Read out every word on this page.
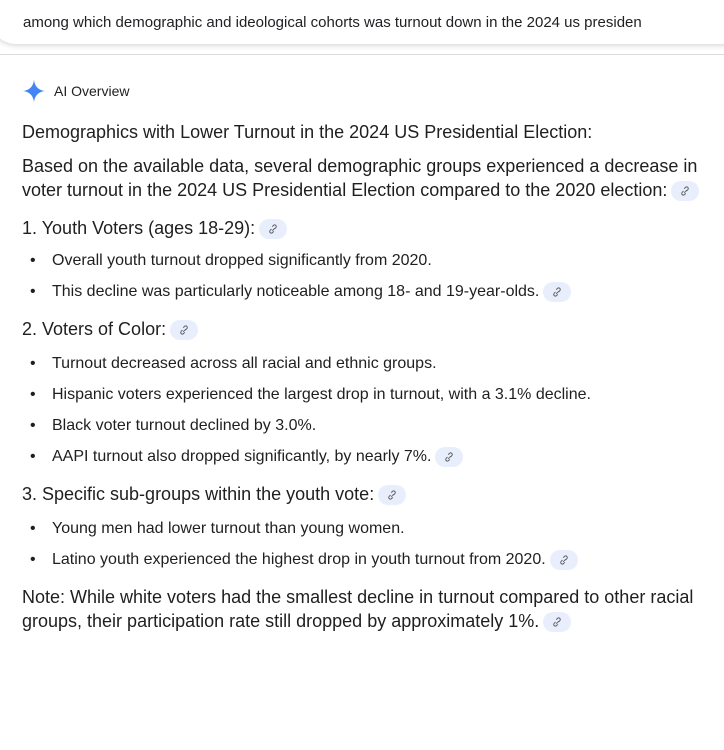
among which demographic and ideological cohorts was turnout down in the 2024 us presiden
AI Overview

Demographics with Lower Turnout in the 2024 US Presidential Election:

Based on the available data, several demographic groups experienced a decrease in voter turnout in the 2024 US Presidential Election compared to the 2020 election:

1. Youth Voters (ages 18-29):

• Overall youth turnout dropped significantly from 2020.
• This decline was particularly noticeable among 18- and 19-year-olds.

2. Voters of Color:

• Turnout decreased across all racial and ethnic groups.
• Hispanic voters experienced the largest drop in turnout, with a 3.1% decline.
• Black voter turnout declined by 3.0%.
• AAPI turnout also dropped significantly, by nearly 7%.

3. Specific sub-groups within the youth vote:

• Young men had lower turnout than young women.
• Latino youth experienced the highest drop in youth turnout from 2020.

Note: While white voters had the smallest decline in turnout compared to other racial groups, their participation rate still dropped by approximately 1%.
